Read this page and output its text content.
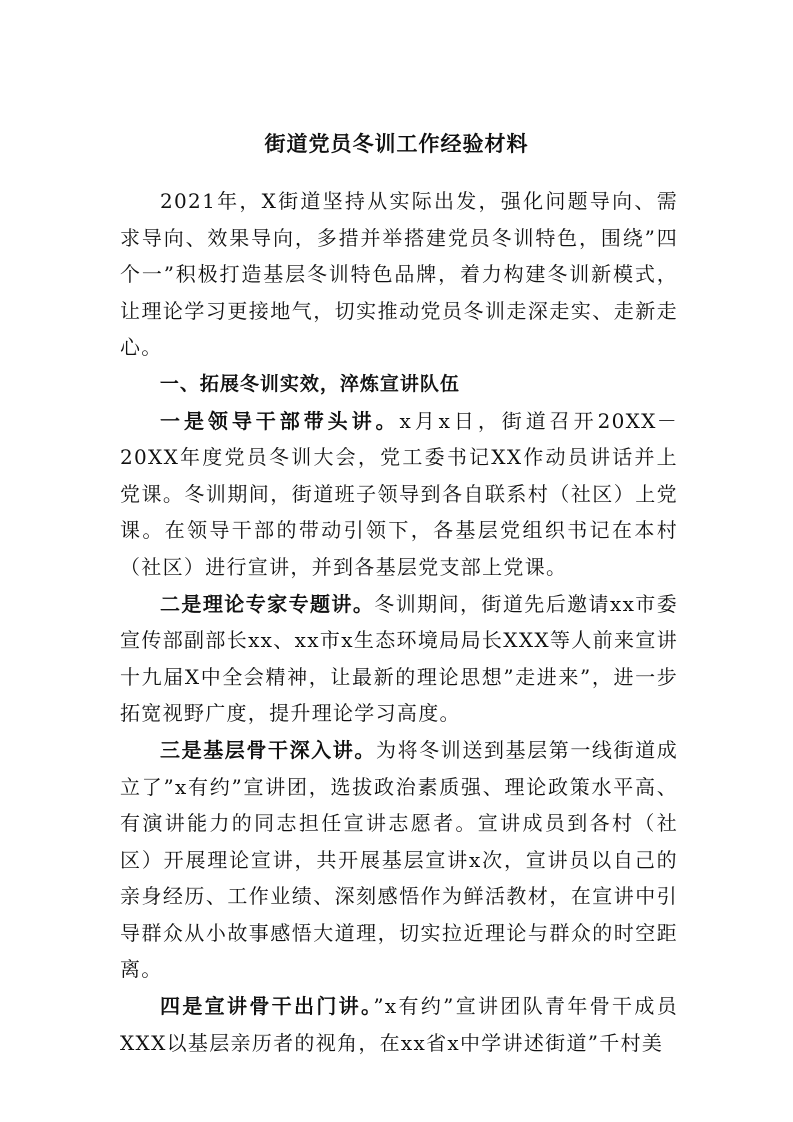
街道党员冬训工作经验材料

2021年，X街道坚持从实际出发，强化问题导向、需求导向、效果导向，多措并举搭建党员冬训特色，围绕”四个一”积极打造基层冬训特色品牌，着力构建冬训新模式，让理论学习更接地气，切实推动党员冬训走深走实、走新走心。

一、拓展冬训实效，淬炼宣讲队伍

一是领导干部带头讲。x月x日，街道召开20XX－20XX年度党员冬训大会，党工委书记XX作动员讲话并上党课。冬训期间，街道班子领导到各自联系村（社区）上党课。在领导干部的带动引领下，各基层党组织书记在本村（社区）进行宣讲，并到各基层党支部上党课。

二是理论专家专题讲。冬训期间，街道先后邀请xx市委宣传部副部长xx、xx市x生态环境局局长XXX等人前来宣讲十九届X中全会精神，让最新的理论思想”走进来”，进一步拓宽视野广度，提升理论学习高度。

三是基层骨干深入讲。为将冬训送到基层第一线街道成立了”x有约”宣讲团，选拔政治素质强、理论政策水平高、有演讲能力的同志担任宣讲志愿者。宣讲成员到各村（社区）开展理论宣讲，共开展基层宣讲x次，宣讲员以自己的亲身经历、工作业绩、深刻感悟作为鲜活教材，在宣讲中引导群众从小故事感悟大道理，切实拉近理论与群众的时空距离。

四是宣讲骨干出门讲。”x有约”宣讲团队青年骨干成员XXX以基层亲历者的视角，在xx省x中学讲述街道”千村美
